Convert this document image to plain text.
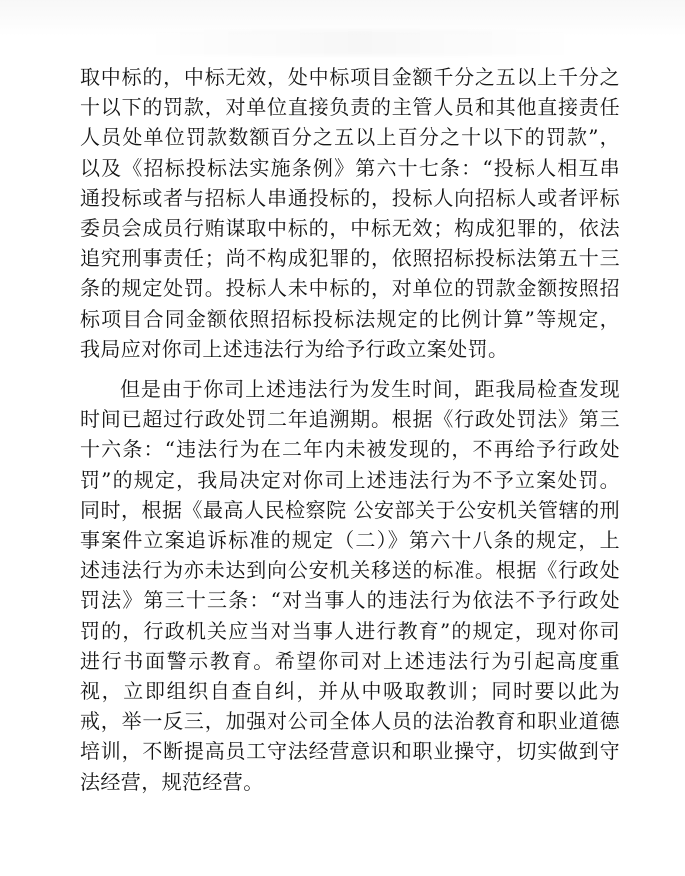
取中标的，中标无效，处中标项目金额千分之五以上千分之十以下的罚款，对单位直接负责的主管人员和其他直接责任人员处单位罚款数额百分之五以上百分之十以下的罚款”，以及《招标投标法实施条例》第六十七条：“投标人相互串通投标或者与招标人串通投标的，投标人向招标人或者评标委员会成员行贿谋取中标的，中标无效；构成犯罪的，依法追究刑事责任；尚不构成犯罪的，依照招标投标法第五十三条的规定处罚。投标人未中标的，对单位的罚款金额按照招标项目合同金额依照招标投标法规定的比例计算”等规定，我局应对你司上述违法行为给予行政立案处罚。

但是由于你司上述违法行为发生时间，距我局检查发现时间已超过行政处罚二年追溯期。根据《行政处罚法》第三十六条：“违法行为在二年内未被发现的，不再给予行政处罚”的规定，我局决定对你司上述违法行为不予立案处罚。同时，根据《最高人民检察院 公安部关于公安机关管辖的刑事案件立案追诉标准的规定（二）》第六十八条的规定，上述违法行为亦未达到向公安机关移送的标准。根据《行政处罚法》第三十三条：“对当事人的违法行为依法不予行政处罚的，行政机关应当对当事人进行教育”的规定，现对你司进行书面警示教育。希望你司对上述违法行为引起高度重视，立即组织自查自纠，并从中吸取教训；同时要以此为戒，举一反三，加强对公司全体人员的法治教育和职业道德培训，不断提高员工守法经营意识和职业操守，切实做到守法经营，规范经营。
